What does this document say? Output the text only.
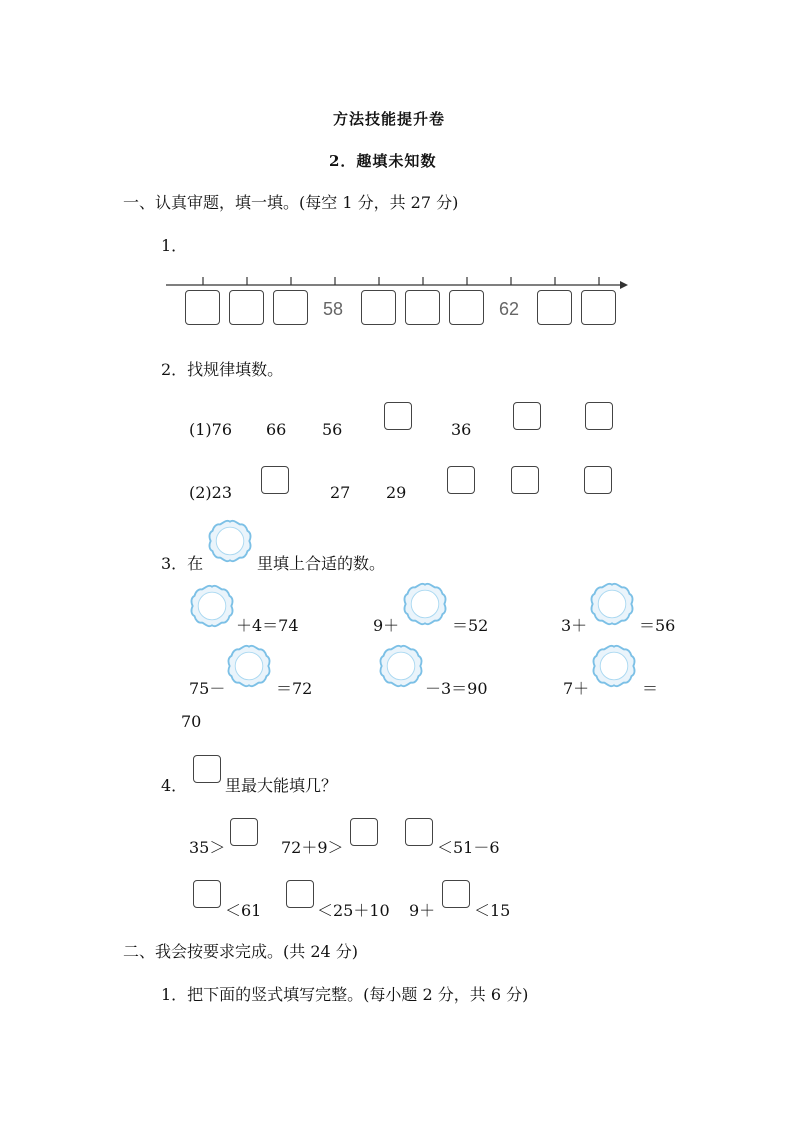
方法技能提升卷
2．趣填未知数
一、认真审题，填一填。(每空 1 分，共 27 分)
1．
58	62
2．找规律填数。
(1)76 66 56	36
(2)23	27 29
3．在	里填上合适的数。
＋4＝74	9＋	＝52	3＋	＝56
75－	＝72	－3＝90	7＋	＝
70
4． 里最大能填几？
35＞	72＋9＞	＜51－6
＜61	＜25＋10 9＋ ＜15
二、我会按要求完成。(共 24 分)
1．把下面的竖式填写完整。(每小题 2 分，共 6 分)
